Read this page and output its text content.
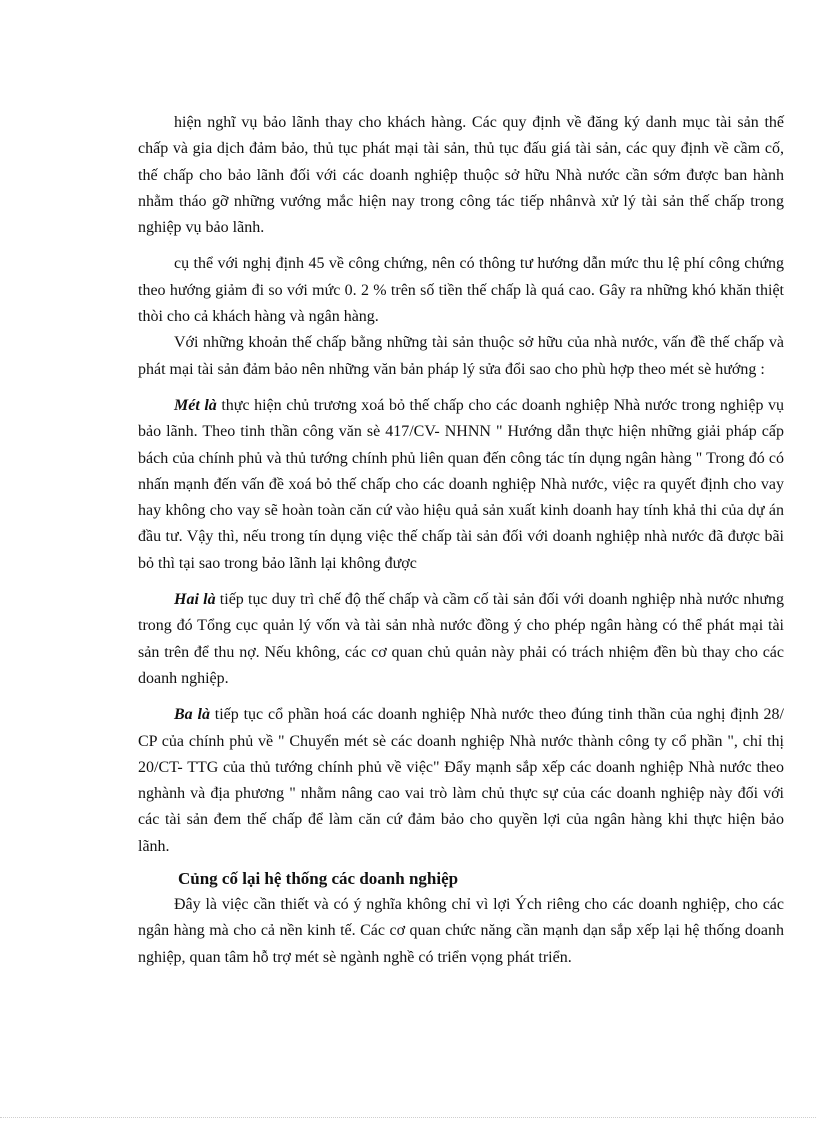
hiện nghĩ vụ bảo lãnh thay cho khách hàng. Các quy định về đăng ký danh mục tài sản thế chấp và gia dịch đảm bảo, thủ tục phát mại tài sản, thủ tục đấu giá tài sản, các quy định về cầm cố, thế chấp cho bảo lãnh đối với các doanh nghiệp thuộc sở hữu Nhà nước cần sớm được ban hành nhằm tháo gỡ những vướng mắc hiện nay trong công tác tiếp nhânvà xử lý tài sản thế chấp trong nghiệp vụ bảo lãnh.

cụ thể với nghị định 45 về công chứng, nên có thông tư hướng dẫn mức thu lệ phí công chứng theo hướng giảm đi so với mức 0. 2 % trên số tiền thế chấp là quá cao. Gây ra những khó khăn thiệt thòi cho cả khách hàng và ngân hàng.

Với những khoản thế chấp bằng những tài sản thuộc sở hữu của nhà nước, vấn đề thế chấp và phát mại tài sản đảm bảo nên những văn bản pháp lý sửa đổi sao cho phù hợp theo mét sè hướng :

Mét là thực hiện chủ trương xoá bỏ thế chấp cho các doanh nghiệp Nhà nước trong nghiệp vụ bảo lãnh. Theo tinh thần công văn sè 417/CV- NHNN " Hướng dẫn thực hiện những giải pháp cấp bách của chính phủ và thủ tướng chính phủ liên quan đến công tác tín dụng ngân hàng " Trong đó có nhấn mạnh đến vấn đề xoá bỏ thế chấp cho các doanh nghiệp Nhà nước, việc ra quyết định cho vay hay không cho vay sẽ hoàn toàn căn cứ vào hiệu quả sản xuất kinh doanh hay tính khả thi của dự án đầu tư. Vậy thì, nếu trong tín dụng việc thế chấp tài sản đối với doanh nghiệp nhà nước đã được bãi bỏ thì tại sao trong bảo lãnh lại không được

Hai là tiếp tục duy trì chế độ thế chấp và cầm cố tài sản đối với doanh nghiệp nhà nước nhưng trong đó Tổng cục quản lý vốn và tài sản nhà nước đồng ý cho phép ngân hàng có thể phát mại tài sản trên để thu nợ. Nếu không, các cơ quan chủ quản này phải có trách nhiệm đền bù thay cho các doanh nghiệp.

Ba là tiếp tục cổ phần hoá các doanh nghiệp Nhà nước theo đúng tinh thần của nghị định 28/ CP của chính phủ về " Chuyển mét sè các doanh nghiệp Nhà nước thành công ty cổ phần ", chỉ thị 20/CT- TTG của thủ tướng chính phủ về việc" Đẩy mạnh sắp xếp các doanh nghiệp Nhà nước theo nghành và địa phương " nhằm nâng cao vai trò làm chủ thực sự của các doanh nghiệp này đối với các tài sản đem thế chấp để làm căn cứ đảm bảo cho quyền lợi của ngân hàng khi thực hiện bảo lãnh.

Củng cố lại hệ thống các doanh nghiệp

Đây là việc cần thiết và có ý nghĩa không chỉ vì lợi Ých riêng cho các doanh nghiệp, cho các ngân hàng mà cho cả nền kinh tế. Các cơ quan chức năng cần mạnh dạn sắp xếp lại hệ thống doanh nghiệp, quan tâm hỗ trợ mét sè ngành nghề có triển vọng phát triển.
